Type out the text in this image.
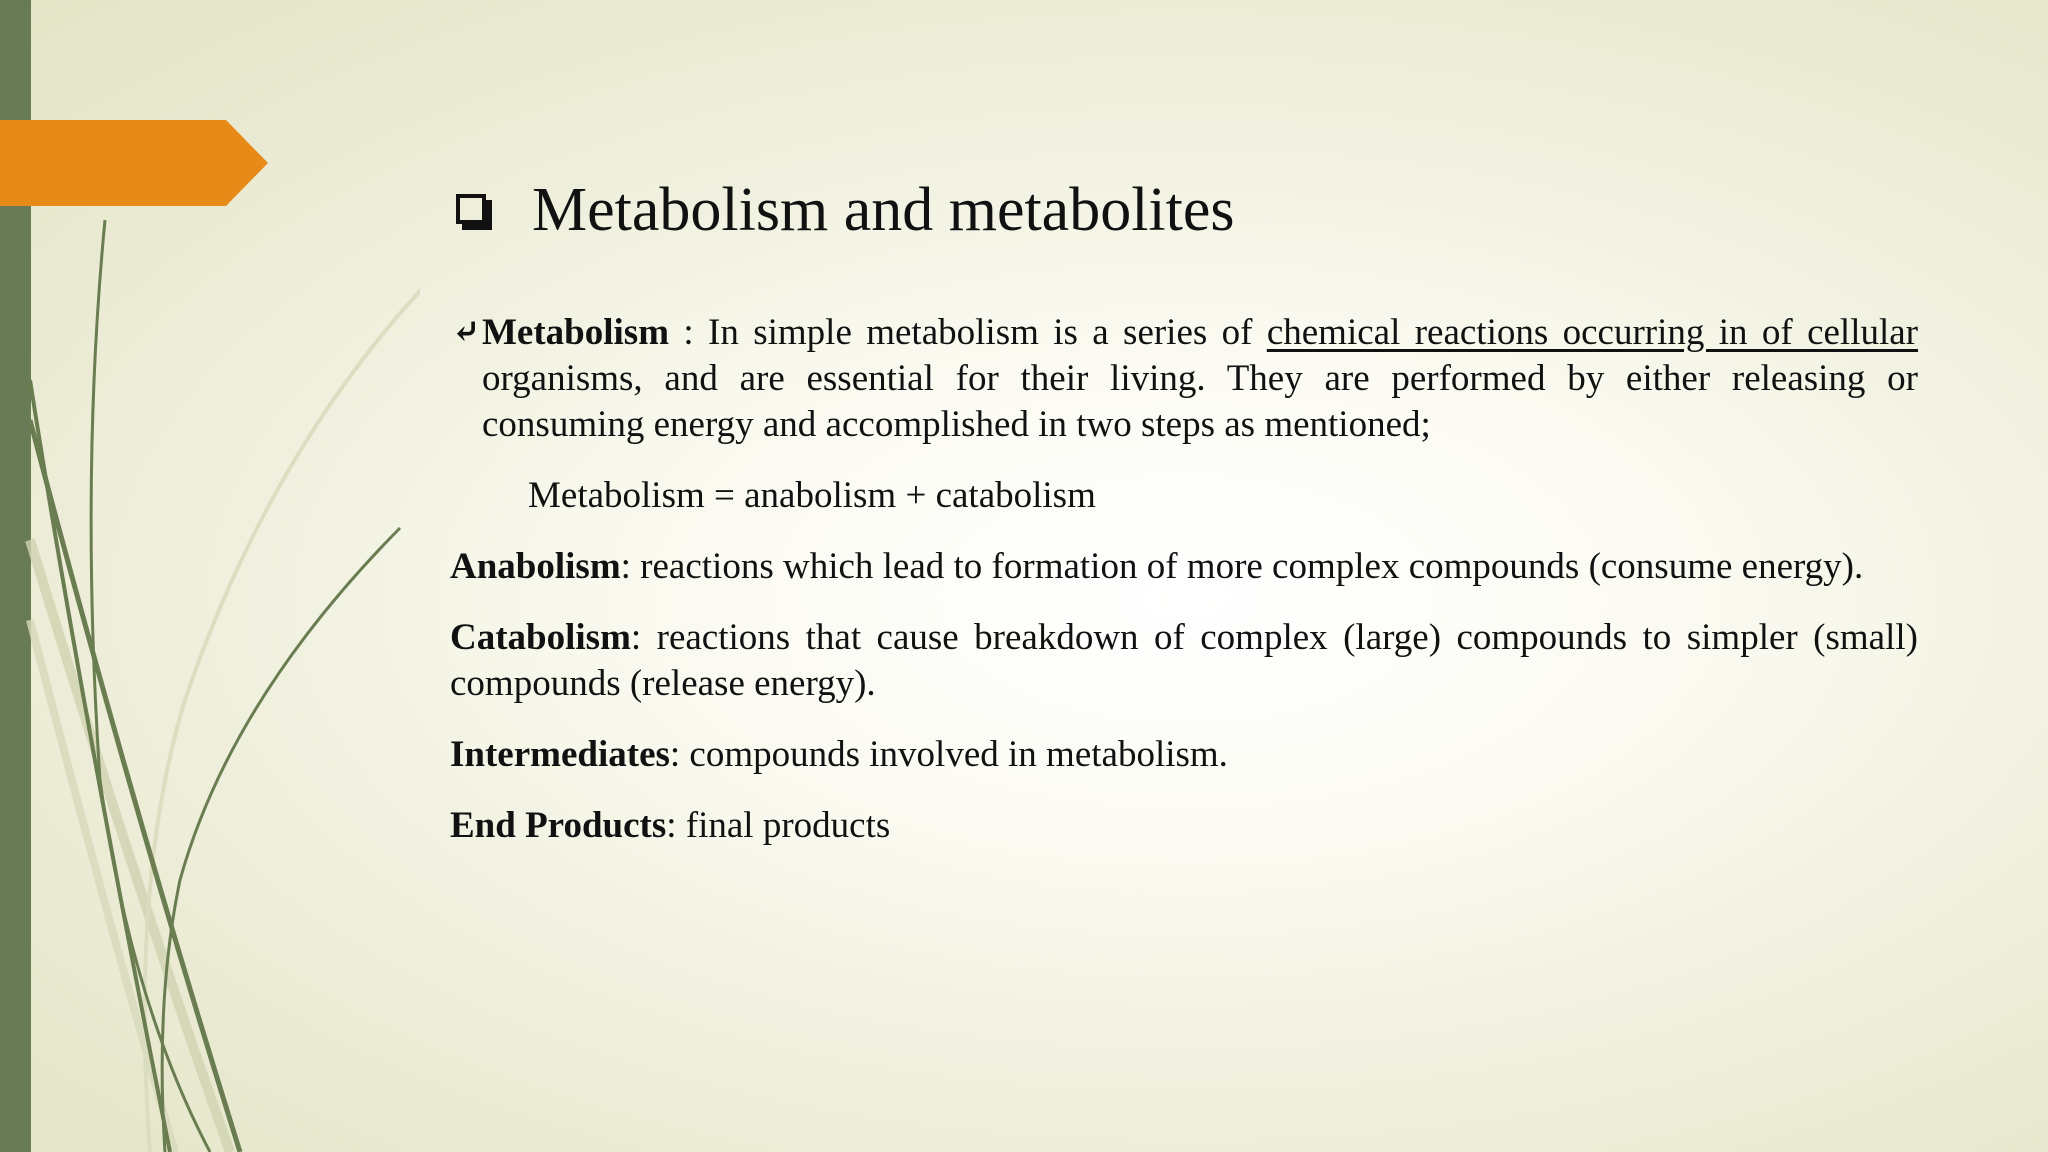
Metabolism and metabolites

⤶ Metabolism : In simple metabolism is a series of chemical reactions occurring in of cellular organisms, and are essential for their living. They are performed by either releasing or consuming energy and accomplished in two steps as mentioned;

Metabolism = anabolism + catabolism

Anabolism: reactions which lead to formation of more complex compounds (consume energy).

Catabolism: reactions that cause breakdown of complex (large) compounds to simpler (small) compounds (release energy).

Intermediates: compounds involved in metabolism.

End Products: final products
